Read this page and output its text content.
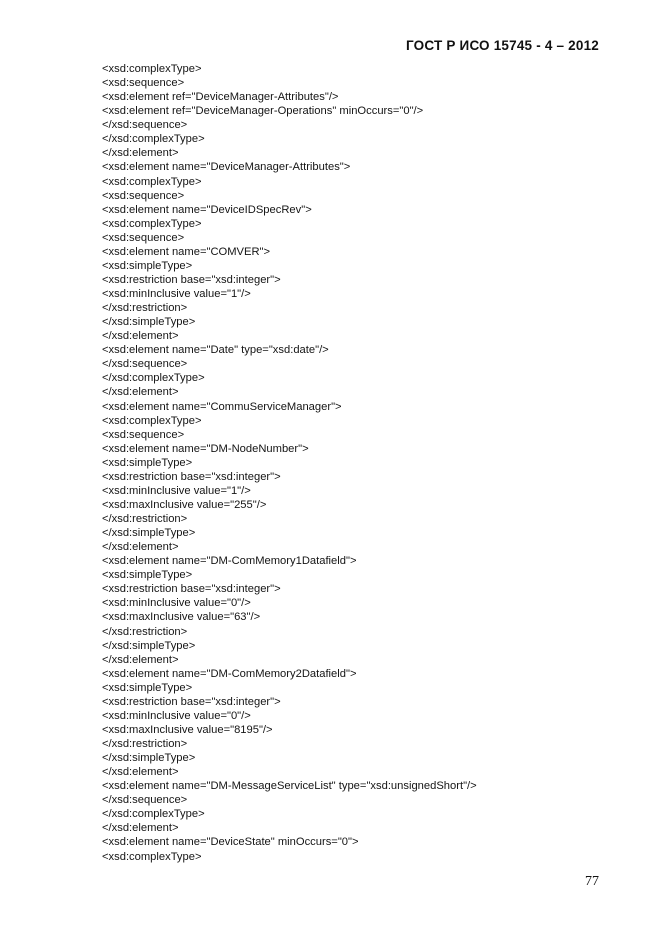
ГОСТ Р ИСО 15745 - 4 – 2012
<xsd:complexType>
<xsd:sequence>
<xsd:element ref="DeviceManager-Attributes"/>
<xsd:element ref="DeviceManager-Operations" minOccurs="0"/>
</xsd:sequence>
</xsd:complexType>
</xsd:element>
<xsd:element name="DeviceManager-Attributes">
<xsd:complexType>
<xsd:sequence>
<xsd:element name="DeviceIDSpecRev">
<xsd:complexType>
<xsd:sequence>
<xsd:element name="COMVER">
<xsd:simpleType>
<xsd:restriction base="xsd:integer">
<xsd:minInclusive value="1"/>
</xsd:restriction>
</xsd:simpleType>
</xsd:element>
<xsd:element name="Date" type="xsd:date"/>
</xsd:sequence>
</xsd:complexType>
</xsd:element>
<xsd:element name="CommuServiceManager">
<xsd:complexType>
<xsd:sequence>
<xsd:element name="DM-NodeNumber">
<xsd:simpleType>
<xsd:restriction base="xsd:integer">
<xsd:minInclusive value="1"/>
<xsd:maxInclusive value="255"/>
</xsd:restriction>
</xsd:simpleType>
</xsd:element>
<xsd:element name="DM-ComMemory1Datafield">
<xsd:simpleType>
<xsd:restriction base="xsd:integer">
<xsd:minInclusive value="0"/>
<xsd:maxInclusive value="63"/>
</xsd:restriction>
</xsd:simpleType>
</xsd:element>
<xsd:element name="DM-ComMemory2Datafield">
<xsd:simpleType>
<xsd:restriction base="xsd:integer">
<xsd:minInclusive value="0"/>
<xsd:maxInclusive value="8195"/>
</xsd:restriction>
</xsd:simpleType>
</xsd:element>
<xsd:element name="DM-MessageServiceList" type="xsd:unsignedShort"/>
</xsd:sequence>
</xsd:complexType>
</xsd:element>
<xsd:element name="DeviceState" minOccurs="0">
<xsd:complexType>
77
